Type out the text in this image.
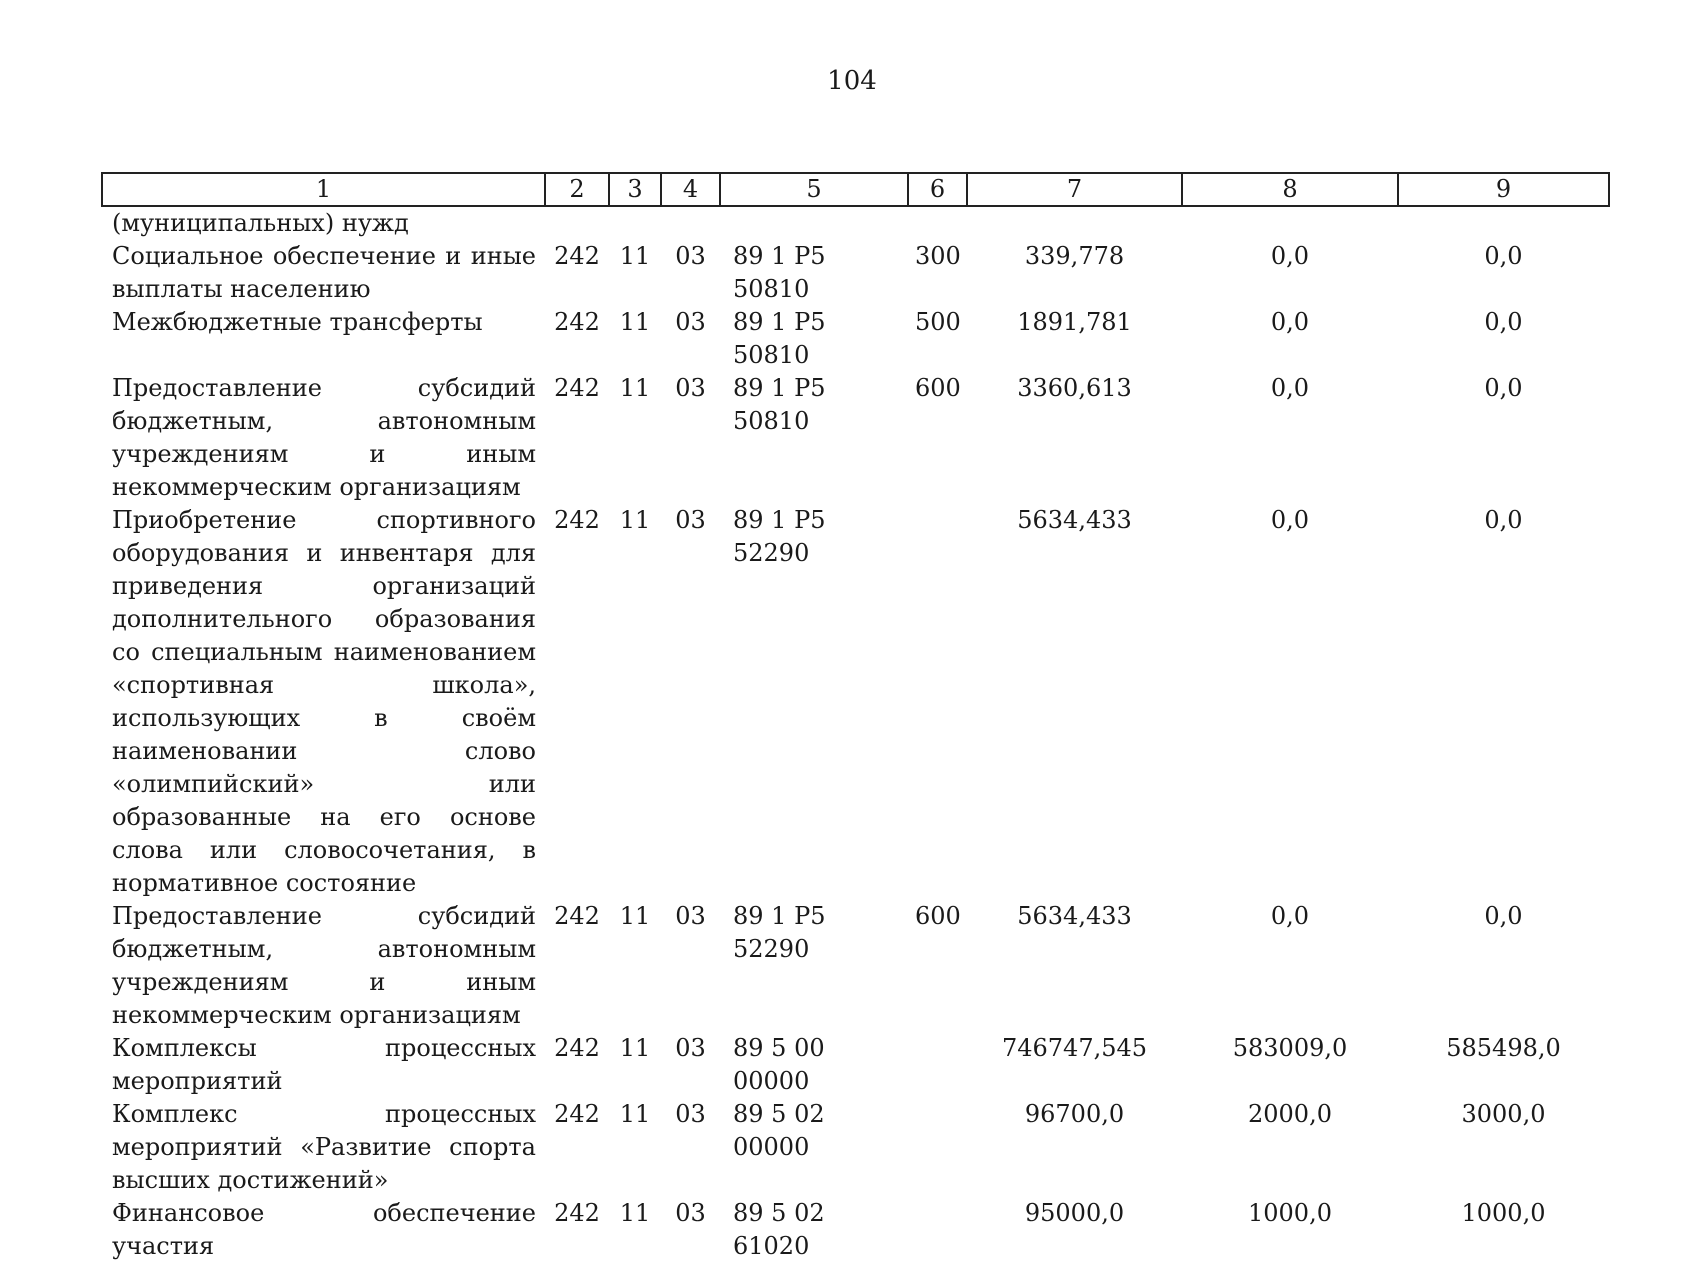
104
1	2	3	4	5	6	7	8	9
(муниципальных) нужд								
Социальное обеспечение и иные выплаты населению	242	11	03	89 1 P5 50810	300	339,778	0,0	0,0
Межбюджетные трансферты	242	11	03	89 1 P5 50810	500	1891,781	0,0	0,0
Предоставление субсидий бюджетным, автономным учреждениям и иным некоммерческим организациям	242	11	03	89 1 P5 50810	600	3360,613	0,0	0,0
Приобретение спортивного оборудования и инвентаря для приведения организаций дополнительного образования со специальным наименованием «спортивная школа», использующих в своём наименовании слово «олимпийский» или образованные на его основе слова или словосочетания, в нормативное состояние	242	11	03	89 1 P5 52290		5634,433	0,0	0,0
Предоставление субсидий бюджетным, автономным учреждениям и иным некоммерческим организациям	242	11	03	89 1 P5 52290	600	5634,433	0,0	0,0
Комплексы процессных мероприятий	242	11	03	89 5 00 00000		746747,545	583009,0	585498,0
Комплекс процессных мероприятий «Развитие спорта высших достижений»	242	11	03	89 5 02 00000		96700,0	2000,0	3000,0
Финансовое обеспечение участия	242	11	03	89 5 02 61020		95000,0	1000,0	1000,0
